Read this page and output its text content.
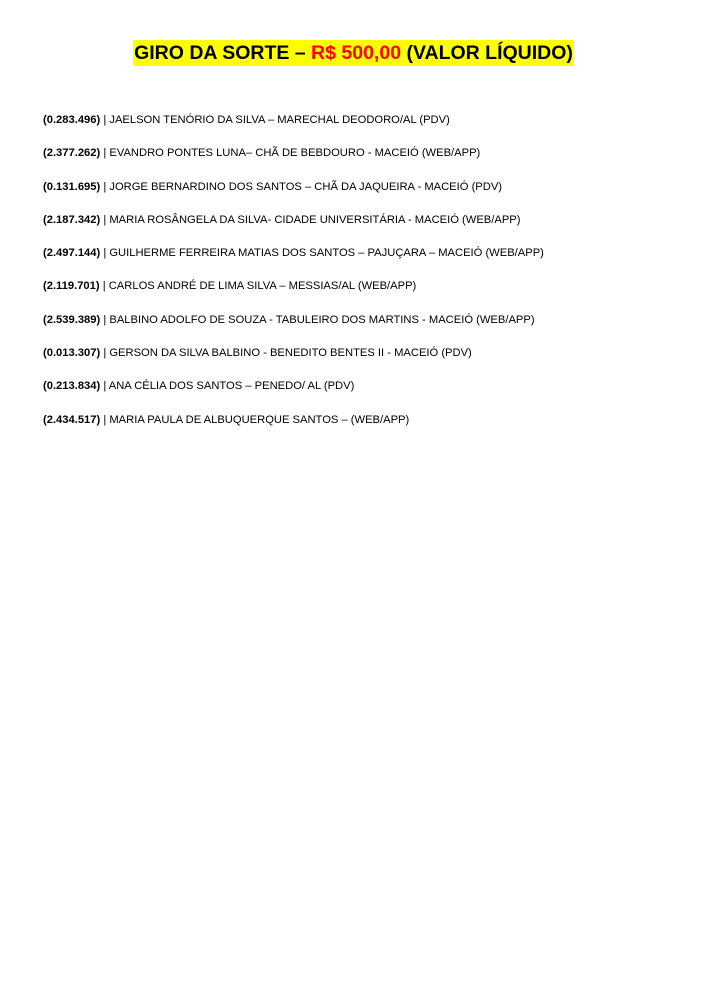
GIRO DA SORTE – R$ 500,00 (VALOR LÍQUIDO)
(0.283.496) | JAELSON TENÓRIO DA SILVA – MARECHAL DEODORO/AL (PDV)
(2.377.262) | EVANDRO PONTES LUNA– CHÃ DE BEBDOURO - MACEIÓ (WEB/APP)
(0.131.695) | JORGE BERNARDINO DOS SANTOS – CHÃ DA JAQUEIRA - MACEIÓ (PDV)
(2.187.342) | MARIA ROSÂNGELA DA SILVA- CIDADE UNIVERSITÁRIA - MACEIÓ (WEB/APP)
(2.497.144) | GUILHERME FERREIRA MATIAS DOS SANTOS – PAJUÇARA – MACEIÓ (WEB/APP)
(2.119.701) | CARLOS ANDRÉ DE LIMA SILVA – MESSIAS/AL (WEB/APP)
(2.539.389) | BALBINO ADOLFO DE SOUZA - TABULEIRO DOS MARTINS - MACEIÓ (WEB/APP)
(0.013.307) | GERSON DA SILVA BALBINO - BENEDITO BENTES II - MACEIÓ (PDV)
(0.213.834) | ANA CÉLIA DOS SANTOS – PENEDO/ AL (PDV)
(2.434.517) | MARIA PAULA DE ALBUQUERQUE SANTOS – (WEB/APP)
